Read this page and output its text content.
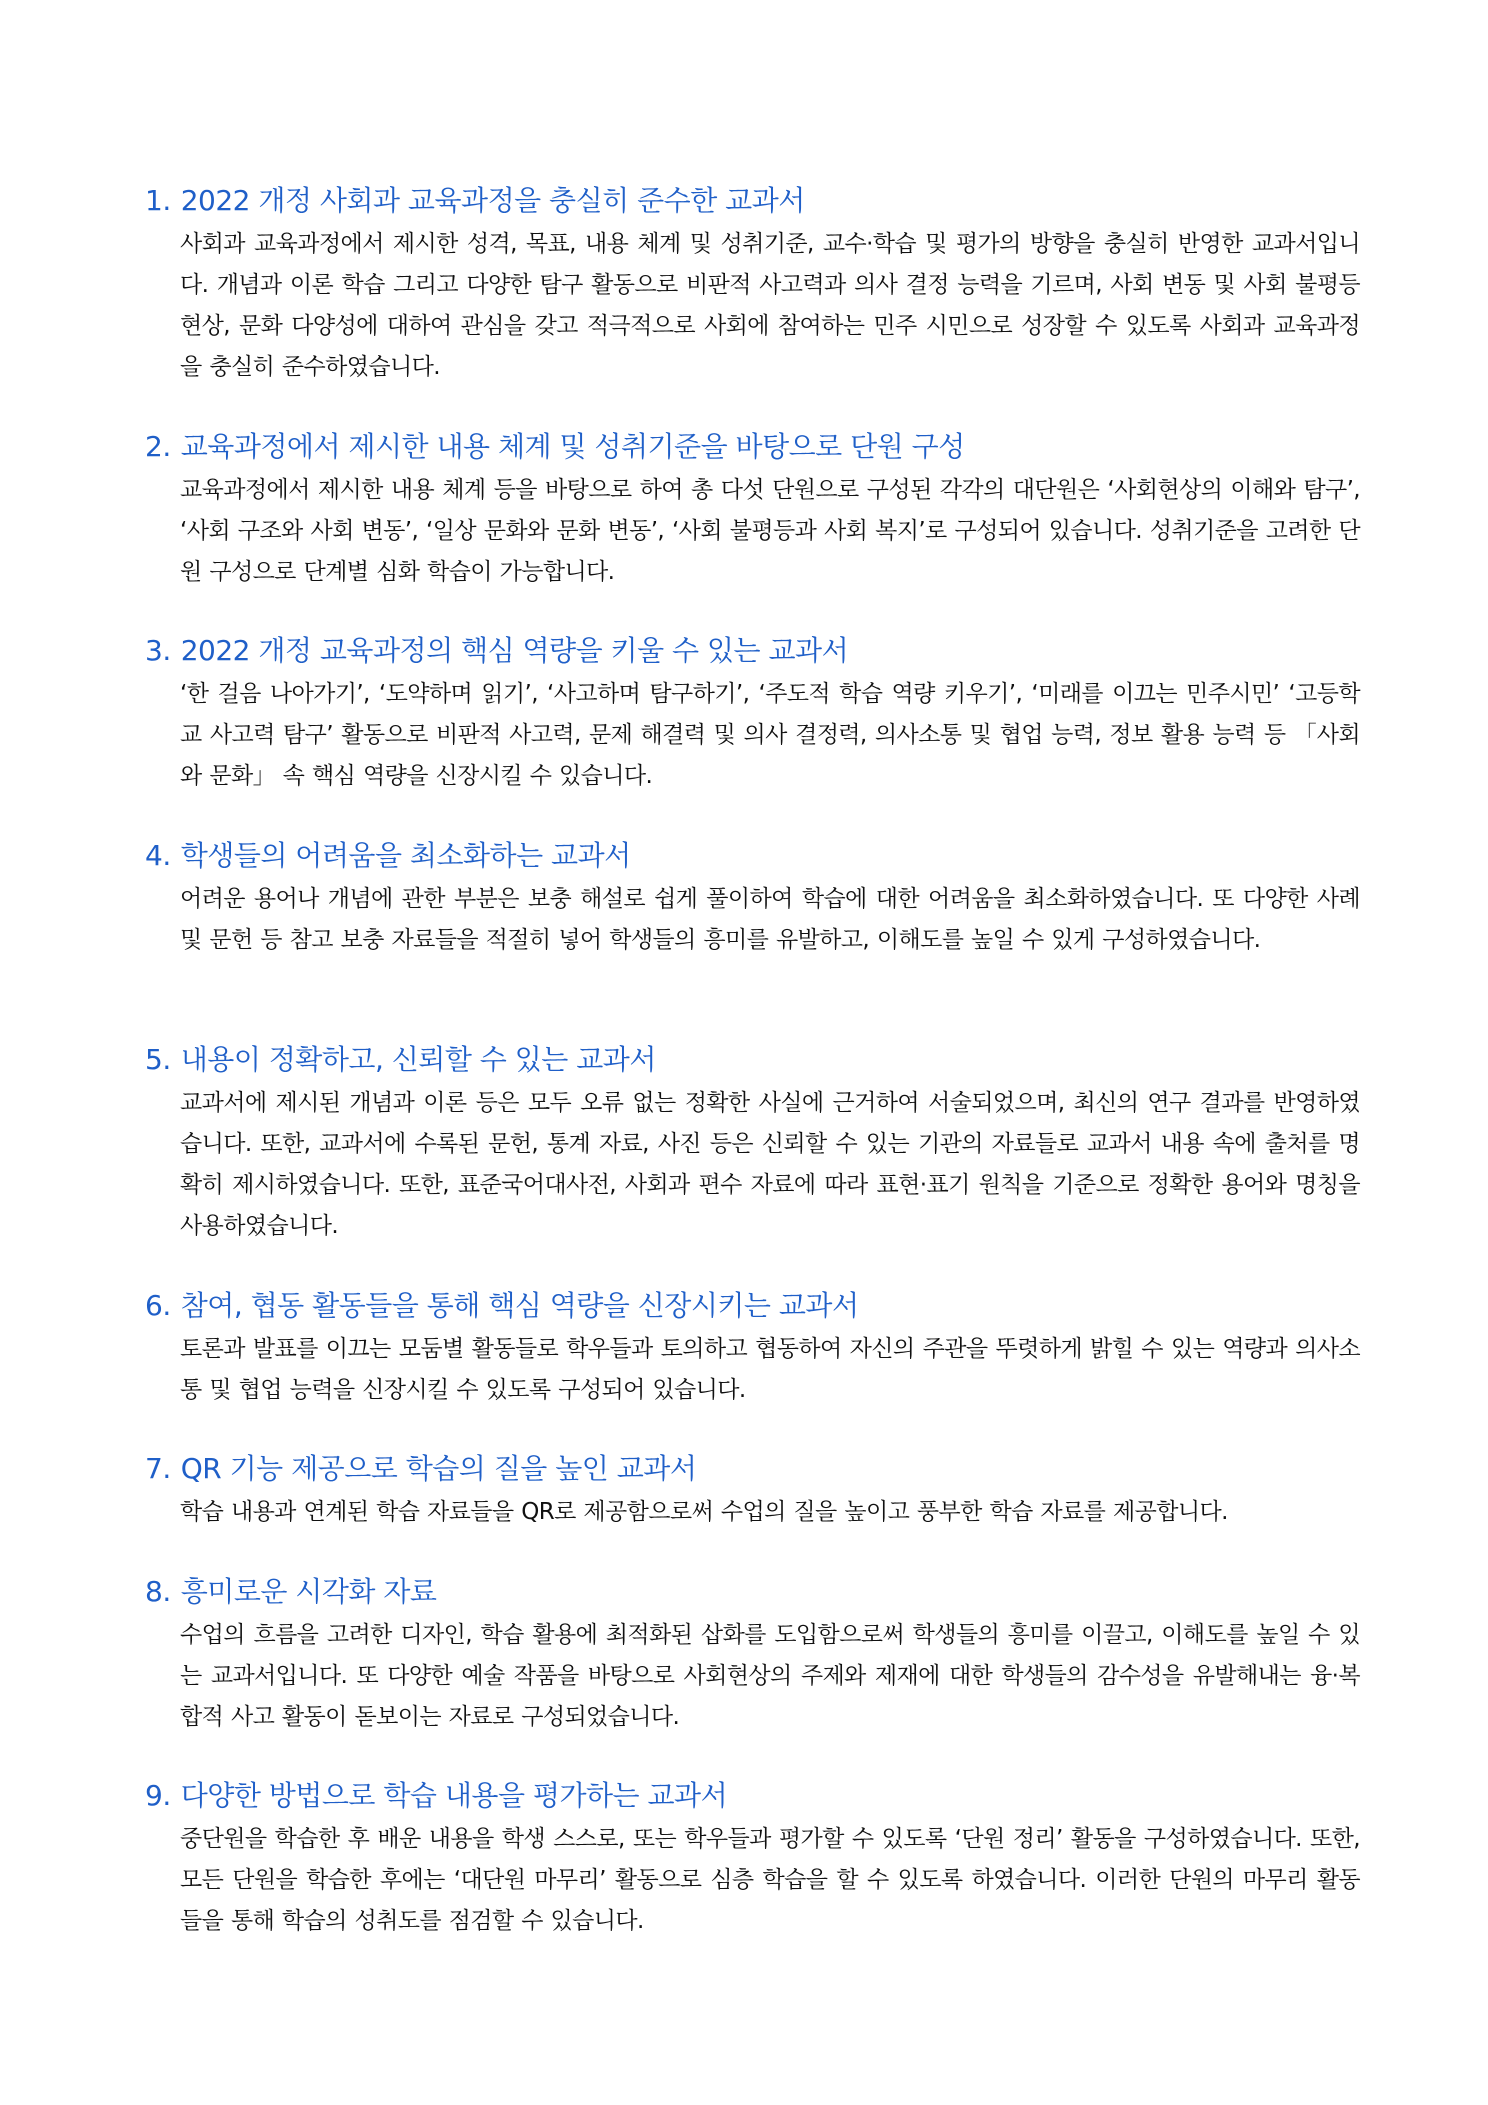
1. 2022 개정 사회과 교육과정을 충실히 준수한 교과서
사회과 교육과정에서 제시한 성격, 목표, 내용 체계 및 성취기준, 교수·학습 및 평가의 방향을 충실히 반영한 교과서입니다. 개념과 이론 학습 그리고 다양한 탐구 활동으로 비판적 사고력과 의사 결정 능력을 기르며, 사회 변동 및 사회 불평등 현상, 문화 다양성에 대하여 관심을 갖고 적극적으로 사회에 참여하는 민주 시민으로 성장할 수 있도록 사회과 교육과정을 충실히 준수하였습니다.
2. 교육과정에서 제시한 내용 체계 및 성취기준을 바탕으로 단원 구성
교육과정에서 제시한 내용 체계 등을 바탕으로 하여 총 다섯 단원으로 구성된 각각의 대단원은 ‘사회현상의 이해와 탐구’, ‘사회 구조와 사회 변동’, ‘일상 문화와 문화 변동’, ‘사회 불평등과 사회 복지’로 구성되어 있습니다. 성취기준을 고려한 단원 구성으로 단계별 심화 학습이 가능합니다.
3. 2022 개정 교육과정의 핵심 역량을 키울 수 있는 교과서
‘한 걸음 나아가기’, ‘도약하며 읽기’, ‘사고하며 탐구하기’, ‘주도적 학습 역량 키우기’, ‘미래를 이끄는 민주시민’ ‘고등학교 사고력 탐구’ 활동으로 비판적 사고력, 문제 해결력 및 의사 결정력, 의사소통 및 협업 능력, 정보 활용 능력 등 「사회와 문화」 속 핵심 역량을 신장시킬 수 있습니다.
4. 학생들의 어려움을 최소화하는 교과서
어려운 용어나 개념에 관한 부분은 보충 해설로 쉽게 풀이하여 학습에 대한 어려움을 최소화하였습니다. 또 다양한 사례 및 문헌 등 참고 보충 자료들을 적절히 넣어 학생들의 흥미를 유발하고, 이해도를 높일 수 있게 구성하였습니다.
5. 내용이 정확하고, 신뢰할 수 있는 교과서
교과서에 제시된 개념과 이론 등은 모두 오류 없는 정확한 사실에 근거하여 서술되었으며, 최신의 연구 결과를 반영하였습니다. 또한, 교과서에 수록된 문헌, 통계 자료, 사진 등은 신뢰할 수 있는 기관의 자료들로 교과서 내용 속에 출처를 명확히 제시하였습니다. 또한, 표준국어대사전, 사회과 편수 자료에 따라 표현·표기 원칙을 기준으로 정확한 용어와 명칭을 사용하였습니다.
6. 참여, 협동 활동들을 통해 핵심 역량을 신장시키는 교과서
토론과 발표를 이끄는 모둠별 활동들로 학우들과 토의하고 협동하여 자신의 주관을 뚜렷하게 밝힐 수 있는 역량과 의사소통 및 협업 능력을 신장시킬 수 있도록 구성되어 있습니다.
7. QR 기능 제공으로 학습의 질을 높인 교과서
학습 내용과 연계된 학습 자료들을 QR로 제공함으로써 수업의 질을 높이고 풍부한 학습 자료를 제공합니다.
8. 흥미로운 시각화 자료
수업의 흐름을 고려한 디자인, 학습 활용에 최적화된 삽화를 도입함으로써 학생들의 흥미를 이끌고, 이해도를 높일 수 있는 교과서입니다. 또 다양한 예술 작품을 바탕으로 사회현상의 주제와 제재에 대한 학생들의 감수성을 유발해내는 융·복합적 사고 활동이 돋보이는 자료로 구성되었습니다.
9. 다양한 방법으로 학습 내용을 평가하는 교과서
중단원을 학습한 후 배운 내용을 학생 스스로, 또는 학우들과 평가할 수 있도록 ‘단원 정리’ 활동을 구성하였습니다. 또한, 모든 단원을 학습한 후에는 ‘대단원 마무리’ 활동으로 심층 학습을 할 수 있도록 하였습니다. 이러한 단원의 마무리 활동들을 통해 학습의 성취도를 점검할 수 있습니다.
